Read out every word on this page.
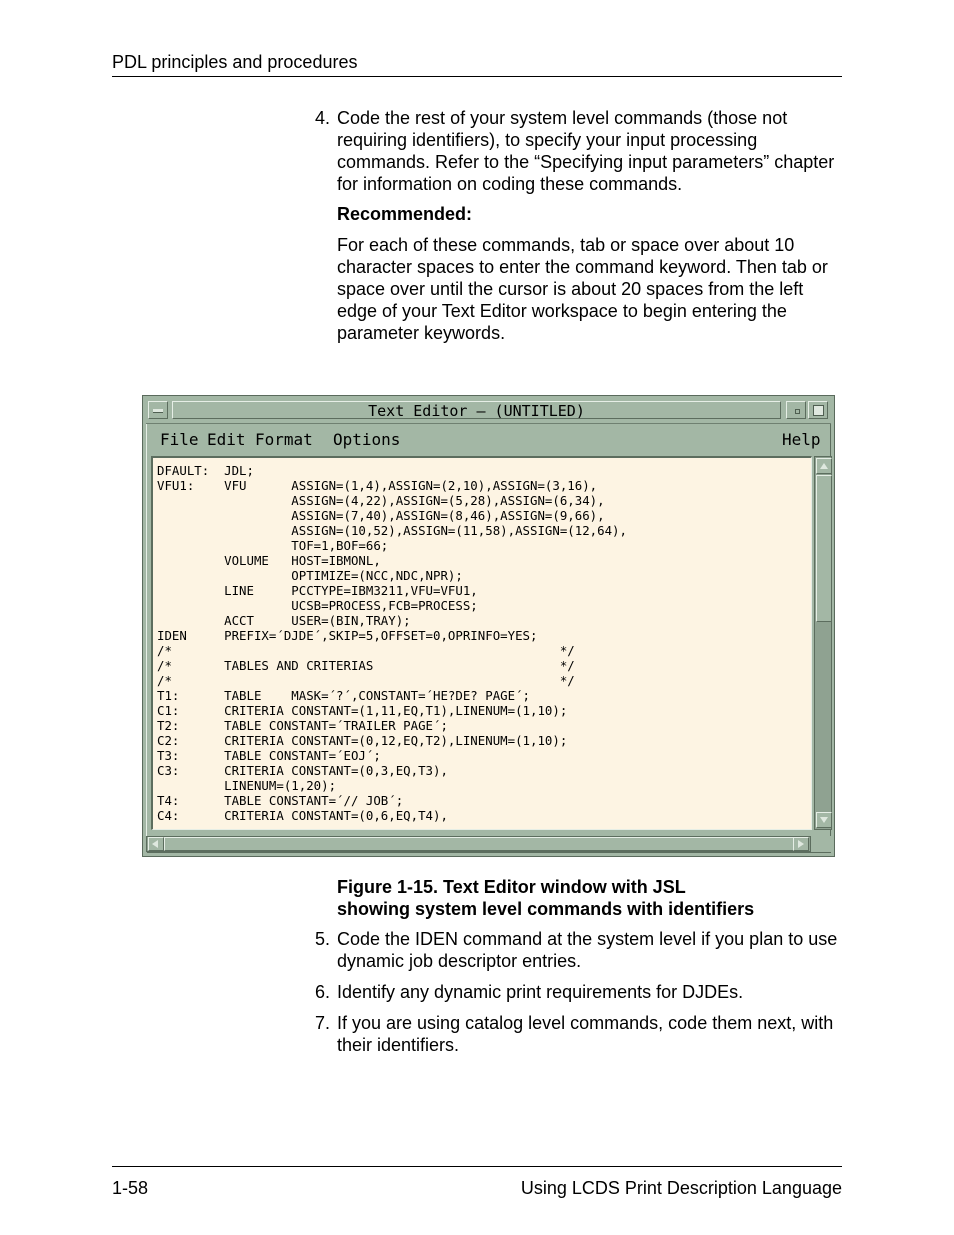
PDL principles and procedures
4. Code the rest of your system level commands (those not requiring identifiers), to specify your input processing commands. Refer to the “Specifying input parameters” chapter for information on coding these commands.
Recommended:
For each of these commands, tab or space over about 10 character spaces to enter the command keyword. Then tab or space over until the cursor is about 20 spaces from the left edge of your Text Editor workspace to begin entering the parameter keywords.
Text Editor – (UNTITLED)
File Edit Format Options	Help
DFAULT:  JDL;
VFU1:    VFU      ASSIGN=(1,4),ASSIGN=(2,10),ASSIGN=(3,16),
ASSIGN=(4,22),ASSIGN=(5,28),ASSIGN=(6,34),
ASSIGN=(7,40),ASSIGN=(8,46),ASSIGN=(9,66),
ASSIGN=(10,52),ASSIGN=(11,58),ASSIGN=(12,64),
TOF=1,BOF=66;
VOLUME   HOST=IBMONL,
OPTIMIZE=(NCC,NDC,NPR);
LINE     PCCTYPE=IBM3211,VFU=VFU1,
UCSB=PROCESS,FCB=PROCESS;
ACCT     USER=(BIN,TRAY);
IDEN     PREFIX=´DJDE´,SKIP=5,OFFSET=0,OPRINFO=YES;
/*                                                    */
/*       TABLES AND CRITERIAS                         */
/*                                                    */
T1:      TABLE    MASK=´?´,CONSTANT=´HE?DE? PAGE´;
C1:      CRITERIA CONSTANT=(1,11,EQ,T1),LINENUM=(1,10);
T2:      TABLE CONSTANT=´TRAILER PAGE´;
C2:      CRITERIA CONSTANT=(0,12,EQ,T2),LINENUM=(1,10);
T3:      TABLE CONSTANT=´EOJ´;
C3:      CRITERIA CONSTANT=(0,3,EQ,T3),
LINENUM=(1,20);
T4:      TABLE CONSTANT=´// JOB´;
C4:      CRITERIA CONSTANT=(0,6,EQ,T4),
Figure 1-15. Text Editor window with JSL
showing system level commands with identifiers
5. Code the IDEN command at the system level if you plan to use dynamic job descriptor entries.
6. Identify any dynamic print requirements for DJDEs.
7. If you are using catalog level commands, code them next, with their identifiers.
1-58	Using LCDS Print Description Language
